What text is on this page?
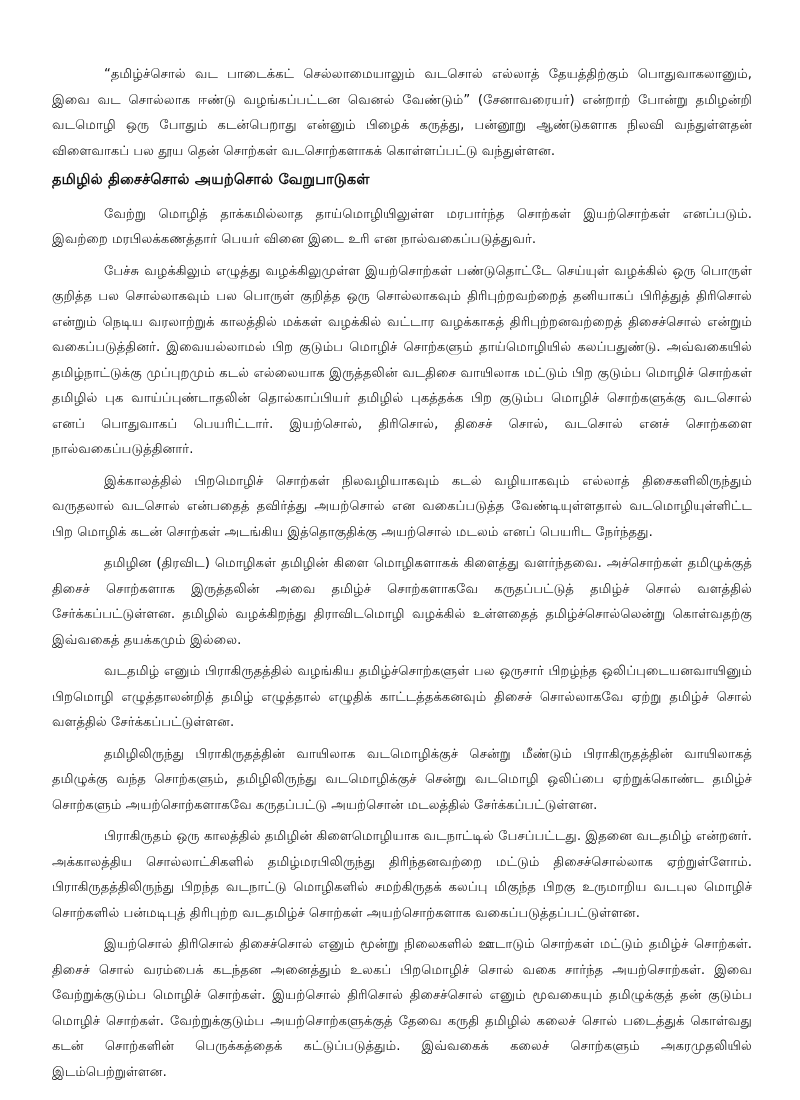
“தமிழ்ச்சொல் வட பாடைக்கட் செல்லாமையாலும் வடசொல் எல்லாத் தேயத்திற்கும் பொதுவாகலானும், இவை வட சொல்லாக ஈண்டு வழங்கப்பட்டன வெனல் வேண்டும்” (சேனாவரையர்) என்றாற் போன்று தமிழன்றி வடமொழி ஒரு போதும் கடன்பெறாது என்னும் பிழைக் கருத்து, பன்னூறு ஆண்டுகளாக நிலவி வந்துள்ளதன் விளைவாகப் பல தூய தென் சொற்கள் வடசொற்களாகக் கொள்ளப்பட்டு வந்துள்ளன.

தமிழில் திசைச்சொல் அயற்சொல் வேறுபாடுகள்

வேற்று மொழித் தாக்கமில்லாத தாய்மொழியிலுள்ள மரபார்ந்த சொற்கள் இயற்சொற்கள் எனப்படும். இவற்றை மரபிலக்கணத்தார் பெயர் வினை இடை உரி என நால்வகைப்படுத்துவர்.

பேச்சு வழக்கிலும் எழுத்து வழக்கிலுமுள்ள இயற்சொற்கள் பண்டுதொட்டே செய்யுள் வழக்கில் ஒரு பொருள் குறித்த பல சொல்லாகவும் பல பொருள் குறித்த ஒரு சொல்லாகவும் திரிபுற்றவற்றைத் தனியாகப் பிரித்துத் திரிசொல் என்றும் நெடிய வரலாற்றுக் காலத்தில் மக்கள் வழக்கில் வட்டார வழக்காகத் திரிபுற்றனவற்றைத் திசைச்சொல் என்றும் வகைப்படுத்தினர். இவையல்லாமல் பிற குடும்ப மொழிச் சொற்களும் தாய்மொழியில் கலப்பதுண்டு. அவ்வகையில் தமிழ்நாட்டுக்கு முப்புறமும் கடல் எல்லையாக இருத்தலின் வடதிசை வாயிலாக மட்டும் பிற குடும்ப மொழிச் சொற்கள் தமிழில் புக வாய்ப்புண்டாதலின் தொல்காப்பியர் தமிழில் புகத்தக்க பிற குடும்ப மொழிச் சொற்களுக்கு வடசொல் எனப் பொதுவாகப் பெயரிட்டார். இயற்சொல், திரிசொல், திசைச் சொல், வடசொல் எனச் சொற்களை நால்வகைப்படுத்தினார்.

இக்காலத்தில் பிறமொழிச் சொற்கள் நிலவழியாகவும் கடல் வழியாகவும் எல்லாத் திசைகளிலிருந்தும் வருதலால் வடசொல் என்பதைத் தவிர்த்து அயற்சொல் என வகைப்படுத்த வேண்டியுள்ளதால் வடமொழியுள்ளிட்ட பிற மொழிக் கடன் சொற்கள் அடங்கிய இத்தொகுதிக்கு அயற்சொல் மடலம் எனப் பெயரிட நேர்ந்தது.

தமிழின (திரவிட) மொழிகள் தமிழின் கிளை மொழிகளாகக் கிளைத்து வளர்ந்தவை. அச்சொற்கள் தமிழுக்குத் திசைச் சொற்களாக இருத்தலின் அவை தமிழ்ச் சொற்களாகவே கருதப்பட்டுத் தமிழ்ச் சொல் வளத்தில் சேர்க்கப்பட்டுள்ளன. தமிழில் வழக்கிறந்து திராவிடமொழி வழக்கில் உள்ளதைத் தமிழ்ச்சொல்லென்று கொள்வதற்கு இவ்வகைத் தயக்கமும் இல்லை.

வடதமிழ் எனும் பிராகிருதத்தில் வழங்கிய தமிழ்ச்சொற்களுள் பல ஒருசார் பிறழ்ந்த ஒலிப்புடையனவாயினும் பிறமொழி எழுத்தாலன்றித் தமிழ் எழுத்தால் எழுதிக் காட்டத்தக்கனவும் திசைச் சொல்லாகவே ஏற்று தமிழ்ச் சொல் வளத்தில் சேர்க்கப்பட்டுள்ளன.

தமிழிலிருந்து பிராகிருதத்தின் வாயிலாக வடமொழிக்குச் சென்று மீண்டும் பிராகிருதத்தின் வாயிலாகத் தமிழுக்கு வந்த சொற்களும், தமிழிலிருந்து வடமொழிக்குச் சென்று வடமொழி ஒலிப்பை ஏற்றுக்கொண்ட தமிழ்ச் சொற்களும் அயற்சொற்களாகவே கருதப்பட்டு அயற்சொன் மடலத்தில் சேர்க்கப்பட்டுள்ளன.

பிராகிருதம் ஒரு காலத்தில் தமிழின் கிளைமொழியாக வடநாட்டில் பேசப்பட்டது. இதனை வடதமிழ் என்றனர். அக்காலத்திய சொல்லாட்சிகளில் தமிழ்மரபிலிருந்து திரிந்தனவற்றை மட்டும் திசைச்சொல்லாக ஏற்றுள்ளோம். பிராகிருதத்திலிருந்து பிறந்த வடநாட்டு மொழிகளில் சமற்கிருதக் கலப்பு மிகுந்த பிறகு உருமாறிய வடபுல மொழிச் சொற்களில் பன்மடிபுத் திரிபுற்ற வடதமிழ்ச் சொற்கள் அயற்சொற்களாக வகைப்படுத்தப்பட்டுள்ளன.

இயற்சொல் திரிசொல் திசைச்சொல் எனும் மூன்று நிலைகளில் ஊடாடும் சொற்கள் மட்டும் தமிழ்ச் சொற்கள். திசைச் சொல் வரம்பைக் கடந்தன அனைத்தும் உலகப் பிறமொழிச் சொல் வகை சார்ந்த அயற்சொற்கள். இவை வேற்றுக்குடும்ப மொழிச் சொற்கள். இயற்சொல் திரிசொல் திசைச்சொல் எனும் மூவகையும் தமிழுக்குத் தன் குடும்ப மொழிச் சொற்கள். வேற்றுக்குடும்ப அயற்சொற்களுக்குத் தேவை கருதி தமிழில் கலைச் சொல் படைத்துக் கொள்வது கடன் சொற்களின் பெருக்கத்தைக் கட்டுப்படுத்தும். இவ்வகைக் கலைச் சொற்களும் அகரமுதலியில் இடம்பெற்றுள்ளன.
